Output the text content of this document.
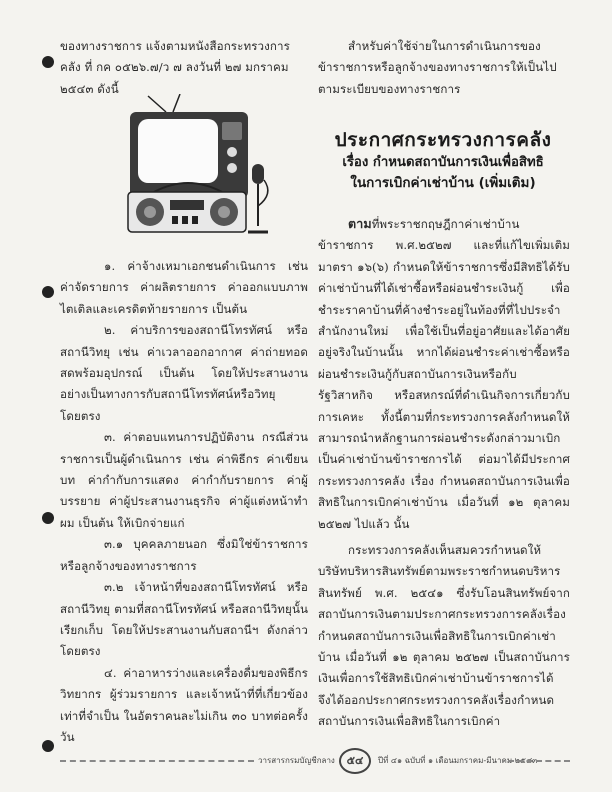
ของทางราชการ แจ้งตามหนังสือกระทรวงการคลัง ที่ กค ๐๕๒๖.๗/ว ๗ ลงวันที่ ๒๗ มกราคม ๒๕๔๓ ดังนี้

๑. ค่าจ้างเหมาเอกชนดำเนินการ เช่น ค่าจัดรายการ ค่าผลิตรายการ ค่าออกแบบภาพไตเติลและเครดิตท้ายรายการ เป็นต้น

๒. ค่าบริการของสถานีโทรทัศน์ หรือสถานีวิทยุ เช่น ค่าเวลาออกอากาศ ค่าถ่ายทอดสดพร้อมอุปกรณ์ เป็นต้น โดยให้ประสานงานอย่างเป็นทางการกับสถานีโทรทัศน์หรือวิทยุ โดยตรง

๓. ค่าตอบแทนการปฏิบัติงาน กรณีส่วนราชการเป็นผู้ดำเนินการ เช่น ค่าพิธีกร ค่าเขียนบท ค่ากำกับการแสดง ค่ากำกับรายการ ค่าผู้บรรยาย ค่าผู้ประสานงานธุรกิจ ค่าผู้แต่งหน้าทำผม เป็นต้น ให้เบิกจ่ายแก่

๓.๑ บุคคลภายนอก ซึ่งมิใช่ข้าราชการหรือลูกจ้างของทางราชการ

๓.๒ เจ้าหน้าที่ของสถานีโทรทัศน์ หรือสถานีวิทยุ ตามที่สถานีโทรทัศน์ หรือสถานีวิทยุนั้นเรียกเก็บ โดยให้ประสานงานกับสถานีฯ ดังกล่าวโดยตรง

๔. ค่าอาหารว่างและเครื่องดื่มของพิธีกร วิทยากร ผู้ร่วมรายการ และเจ้าหน้าที่ที่เกี่ยวข้อง เท่าที่จำเป็น ในอัตราคนละไม่เกิน ๓๐ บาทต่อครั้งวัน

สำหรับค่าใช้จ่ายในการดำเนินการของข้าราชการหรือลูกจ้างของทางราชการให้เป็นไปตามระเบียบของทางราชการ

ประกาศกระทรวงการคลัง
เรื่อง กำหนดสถาบันการเงินเพื่อสิทธิ
ในการเบิกค่าเช่าบ้าน (เพิ่มเติม)

ตามที่พระราชกฤษฎีกาค่าเช่าบ้านข้าราชการ พ.ศ.๒๕๒๗ และที่แก้ไขเพิ่มเติม มาตรา ๑๖(๖) กำหนดให้ข้าราชการซึ่งมีสิทธิได้รับค่าเช่าบ้านที่ได้เช่าซื้อหรือผ่อนชำระเงินกู้ เพื่อชำระราคาบ้านที่ค้างชำระอยู่ในท้องที่ที่ไปประจำสำนักงานใหม่ เพื่อใช้เป็นที่อยู่อาศัยและได้อาศัยอยู่จริงในบ้านนั้น หากได้ผ่อนชำระค่าเช่าซื้อหรือผ่อนชำระเงินกู้กับสถาบันการเงินหรือกับรัฐวิสาหกิจ หรือสหกรณ์ที่ดำเนินกิจการเกี่ยวกับการเคหะ ทั้งนี้ตามที่กระทรวงการคลังกำหนดให้สามารถนำหลักฐานการผ่อนชำระดังกล่าวมาเบิกเป็นค่าเช่าบ้านข้าราชการได้ ต่อมาได้มีประกาศกระทรวงการคลัง เรื่อง กำหนดสถาบันการเงินเพื่อสิทธิในการเบิกค่าเช่าบ้าน เมื่อวันที่ ๑๒ ตุลาคม ๒๕๒๗ ไปแล้ว นั้น

กระทรวงการคลังเห็นสมควรกำหนดให้บริษัทบริหารสินทรัพย์ตามพระราชกำหนดบริหารสินทรัพย์ พ.ศ. ๒๕๔๑ ซึ่งรับโอนสินทรัพย์จากสถาบันการเงินตามประกาศกระทรวงการคลังเรื่อง กำหนดสถาบันการเงินเพื่อสิทธิในการเบิกค่าเช่าบ้าน เมื่อวันที่ ๑๒ ตุลาคม ๒๕๒๗ เป็นสถาบันการเงินเพื่อการใช้สิทธิเบิกค่าเช่าบ้านข้าราชการได้ จึงได้ออกประกาศกระทรวงการคลังเรื่องกำหนดสถาบันการเงินเพื่อสิทธิในการเบิกค่า

วารสารกรมบัญชีกลาง	๕๔	ปีที่ ๔๑ ฉบับที่ ๑ เดือนมกราคม-มีนาคม ๒๕๔๓
